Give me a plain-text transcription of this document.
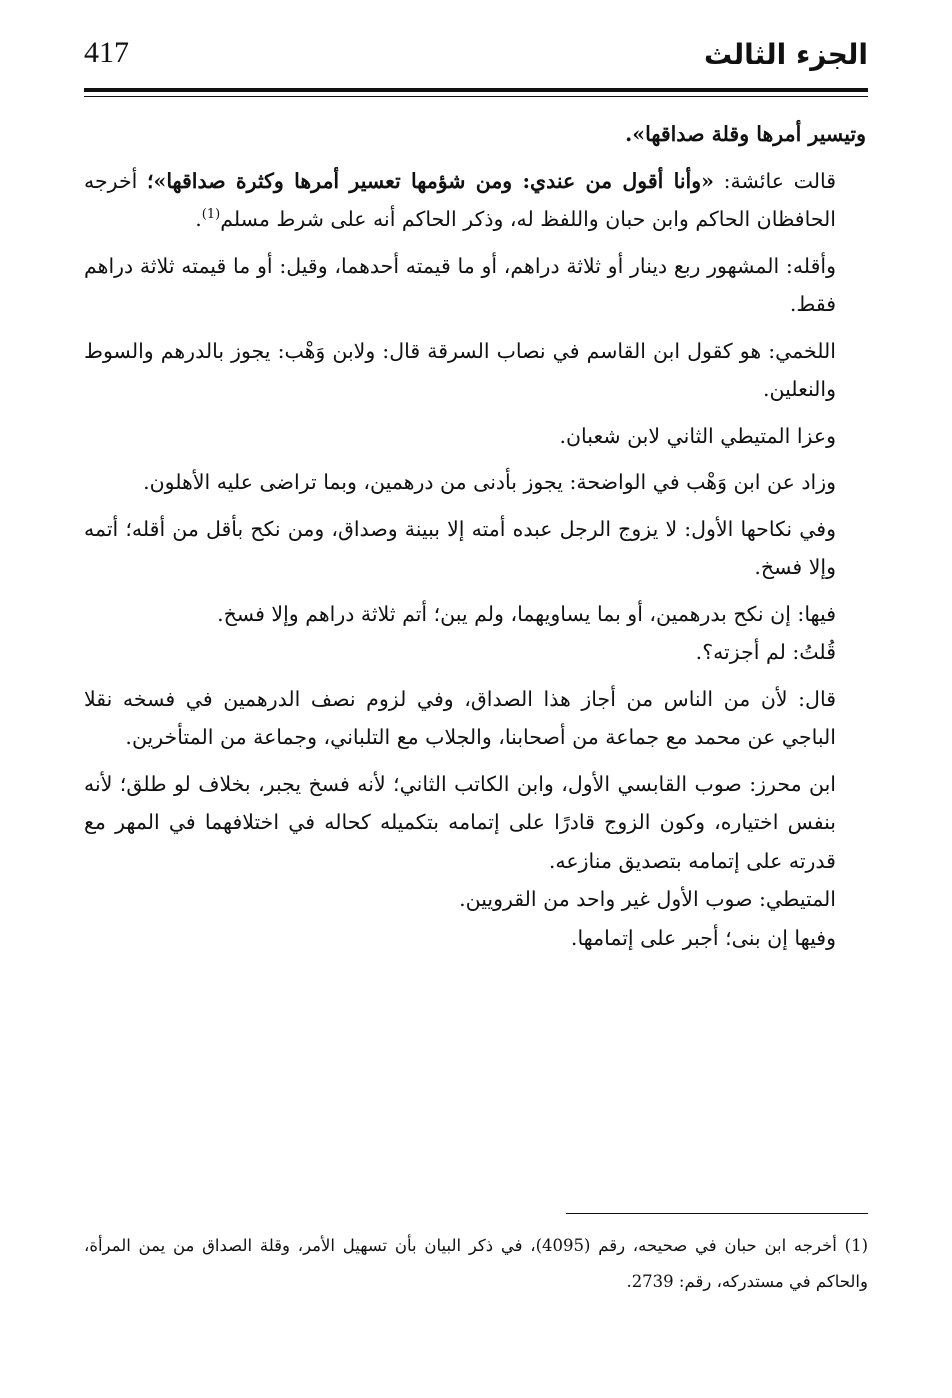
الجزء الثالث
417

وتيسير أمرها وقلة صداقها».

قالت عائشة: «وأنا أقول من عندي: ومن شؤمها تعسير أمرها وكثرة صداقها»؛ أخرجه الحافظان الحاكم وابن حبان واللفظ له، وذكر الحاكم أنه على شرط مسلم$^{(1)}$.

وأقله: المشهور ربع دينار أو ثلاثة دراهم، أو ما قيمته أحدهما، وقيل: أو ما قيمته ثلاثة دراهم فقط.

اللخمي: هو كقول ابن القاسم في نصاب السرقة قال: ولابن وَهْب: يجوز بالدرهم والسوط والنعلين.

وعزا المتيطي الثاني لابن شعبان.

وزاد عن ابن وَهْب في الواضحة: يجوز بأدنى من درهمين، وبما تراضى عليه الأهلون.

وفي نكاحها الأول: لا يزوج الرجل عبده أمته إلا ببينة وصداق، ومن نكح بأقل من أقله؛ أتمه وإلا فسخ.

فيها: إن نكح بدرهمين، أو بما يساويهما، ولم يبن؛ أتم ثلاثة دراهم وإلا فسخ.

قُلتُ: لم أجزته؟.

قال: لأن من الناس من أجاز هذا الصداق، وفي لزوم نصف الدرهمين في فسخه نقلا الباجي عن محمد مع جماعة من أصحابنا، والجلاب مع التلباني، وجماعة من المتأخرين.

ابن محرز: صوب القابسي الأول، وابن الكاتب الثاني؛ لأنه فسخ يجبر، بخلاف لو طلق؛ لأنه بنفس اختياره، وكون الزوج قادرًا على إتمامه بتكميله كحاله في اختلافهما في المهر مع قدرته على إتمامه بتصديق منازعه.

المتيطي: صوب الأول غير واحد من القرويين.

وفيها إن بنى؛ أجبر على إتمامها.

(1) أخرجه ابن حبان في صحيحه، رقم (4095)، في ذكر البيان بأن تسهيل الأمر، وقلة الصداق من يمن المرأة، والحاكم في مستدركه، رقم: 2739.
